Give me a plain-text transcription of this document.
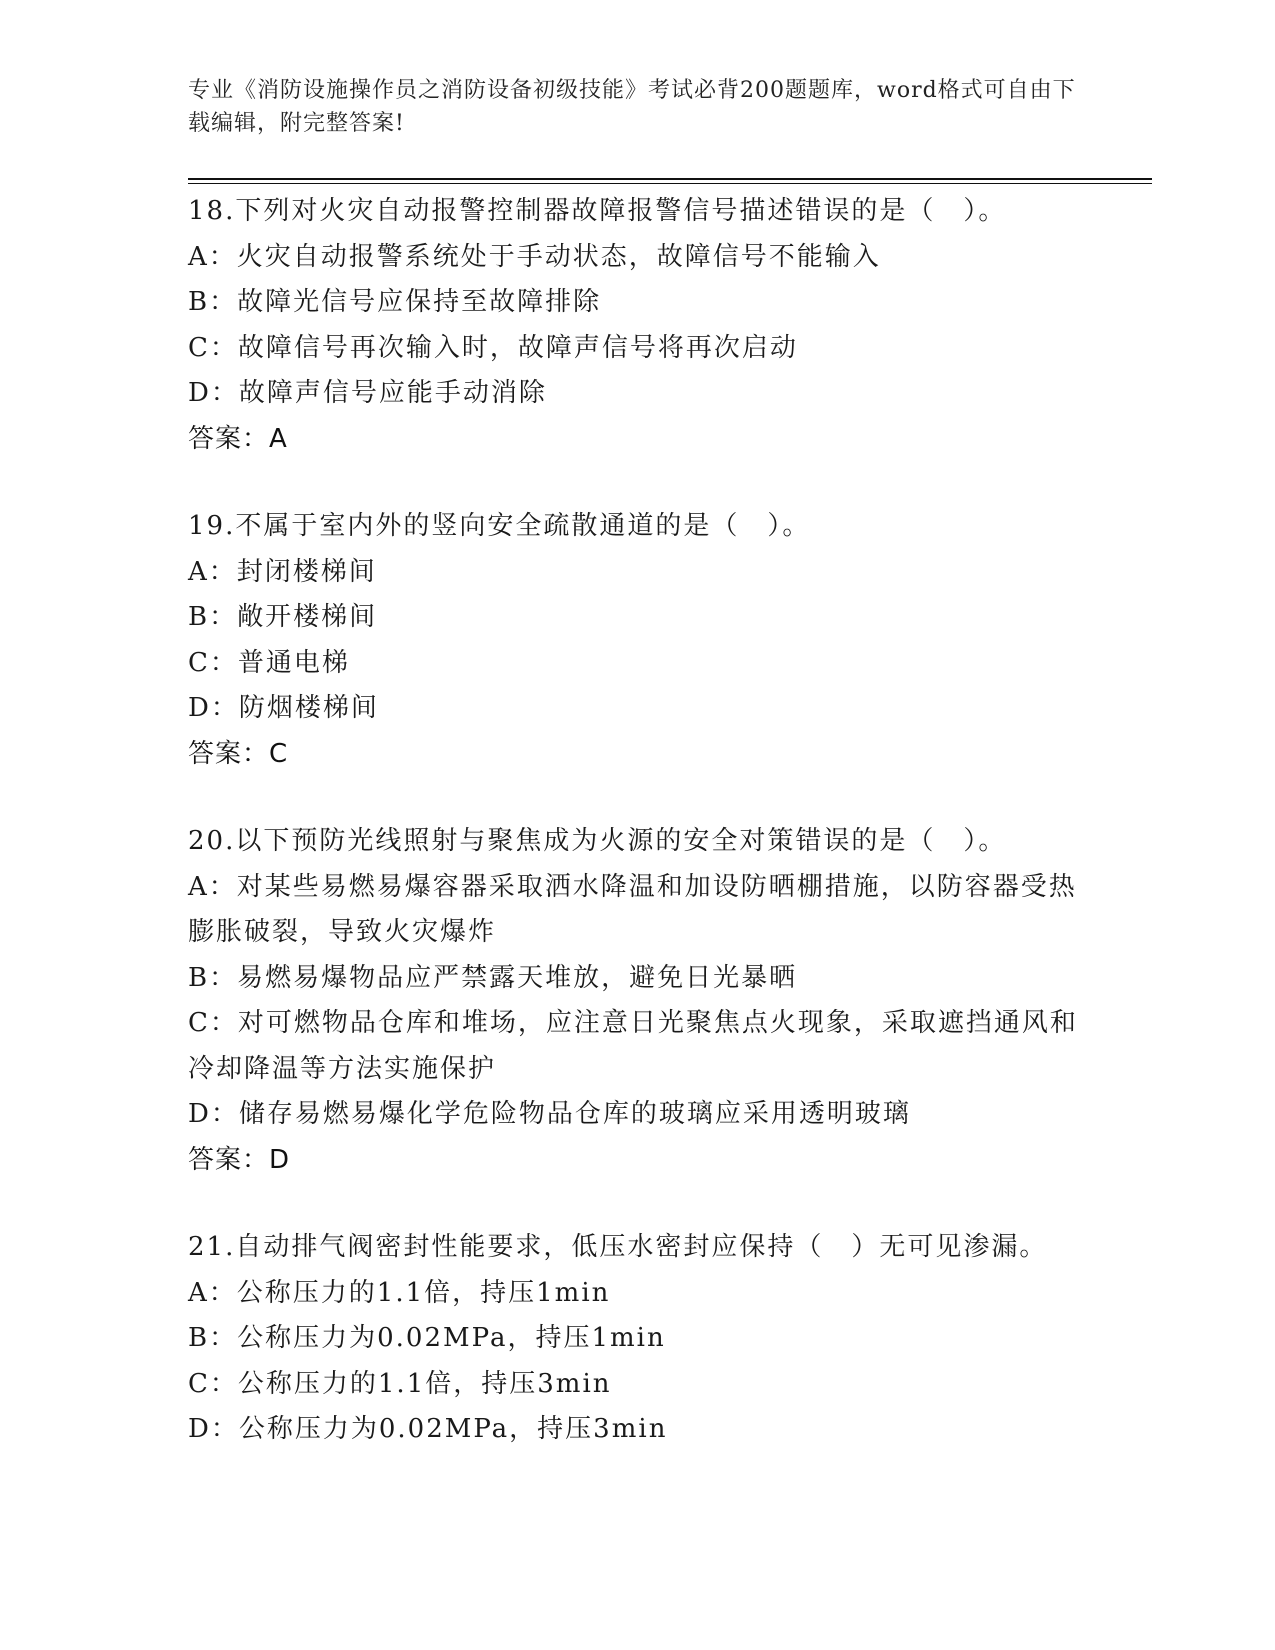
专业《消防设施操作员之消防设备初级技能》考试必背200题题库，word格式可自由下载编辑，附完整答案!
18.下列对火灾自动报警控制器故障报警信号描述错误的是（　）。
A：火灾自动报警系统处于手动状态，故障信号不能输入
B：故障光信号应保持至故障排除
C：故障信号再次输入时，故障声信号将再次启动
D：故障声信号应能手动消除
答案：A
19.不属于室内外的竖向安全疏散通道的是（　）。
A：封闭楼梯间
B：敞开楼梯间
C：普通电梯
D：防烟楼梯间
答案：C
20.以下预防光线照射与聚焦成为火源的安全对策错误的是（　）。
A：对某些易燃易爆容器采取洒水降温和加设防晒棚措施，以防容器受热膨胀破裂，导致火灾爆炸
B：易燃易爆物品应严禁露天堆放，避免日光暴晒
C：对可燃物品仓库和堆场，应注意日光聚焦点火现象，采取遮挡通风和冷却降温等方法实施保护
D：储存易燃易爆化学危险物品仓库的玻璃应采用透明玻璃
答案：D
21.自动排气阀密封性能要求，低压水密封应保持（　）无可见渗漏。
A：公称压力的1.1倍，持压1min
B：公称压力为0.02MPa，持压1min
C：公称压力的1.1倍，持压3min
D：公称压力为0.02MPa，持压3min
